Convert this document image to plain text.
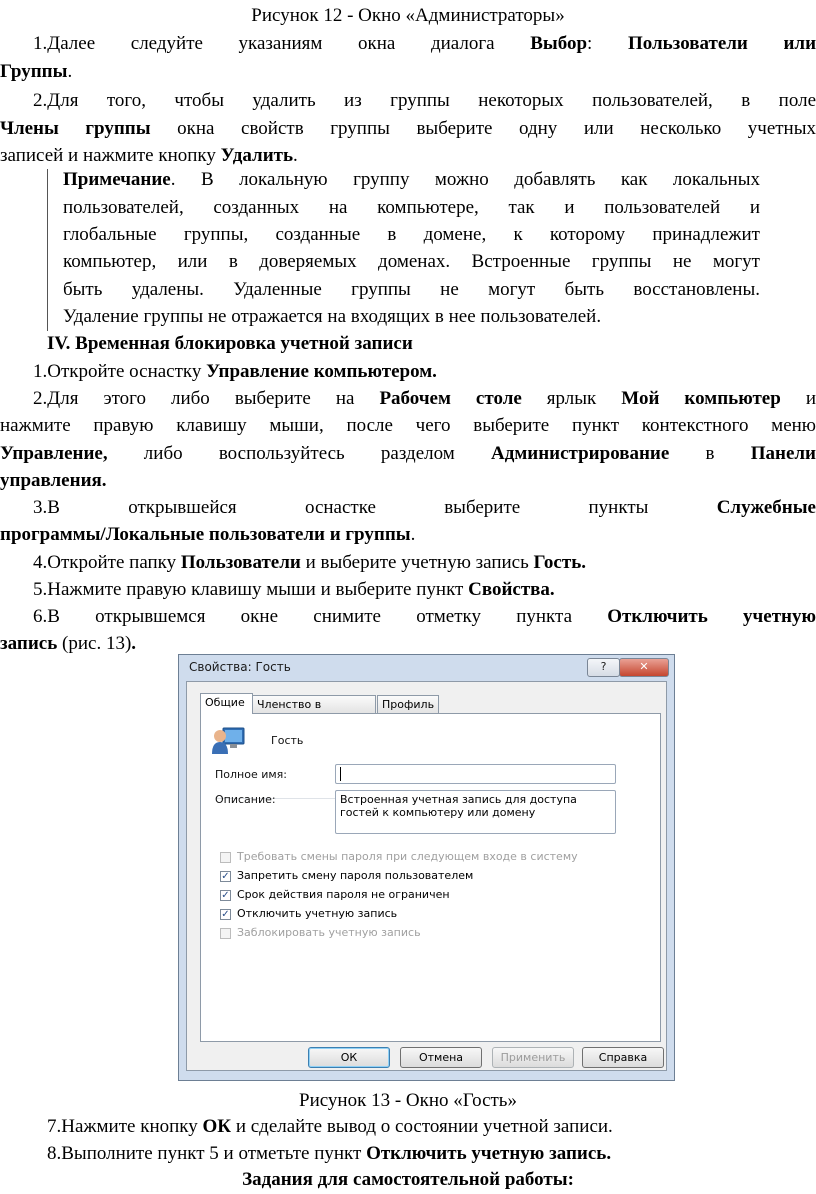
Рисунок 12 - Окно «Администраторы»
1.Далее следуйте указаниям окна диалога Выбор: Пользователи или
Группы.
2.Для того, чтобы удалить из группы некоторых пользователей, в поле
Члены группы окна свойств группы выберите одну или несколько учетных
записей и нажмите кнопку Удалить.
Примечание. В локальную группу можно добавлять как локальных
пользователей, созданных на компьютере, так и пользователей и
глобальные группы, созданные в домене, к которому принадлежит
компьютер, или в доверяемых доменах. Встроенные группы не могут
быть удалены. Удаленные группы не могут быть восстановлены.
Удаление группы не отражается на входящих в нее пользователей.
IV. Временная блокировка учетной записи
1.Откройте оснастку Управление компьютером.
2.Для этого либо выберите на Рабочем столе ярлык Мой компьютер и
нажмите правую клавишу мыши, после чего выберите пункт контекстного меню
Управление, либо воспользуйтесь разделом Администрирование в Панели
управления.
3.В	открывшейся	оснастке	выберите	пункты	Служебные
программы/Локальные пользователи и группы.
4.Откройте папку Пользователи и выберите учетную запись Гость.
5.Нажмите правую клавишу мыши и выберите пункт Свойства.
6.В открывшемся окне снимите отметку пункта Отключить учетную
запись (рис. 13).
Свойства: Гость	?	✕
Общие	Членство в	Профиль
Гость
Полное имя:
Описание:	Встроенная учетная запись для доступа гостей к компьютеру или домену
Требовать смены пароля при следующем входе в систему
✓ Запретить смену пароля пользователем
✓ Срок действия пароля не ограничен
✓ Отключить учетную запись
Заблокировать учетную запись
ОК	Отмена	Применить	Справка
Рисунок 13 - Окно «Гость»
7.Нажмите кнопку ОК и сделайте вывод о состоянии учетной записи.
8.Выполните пункт 5 и отметьте пункт Отключить учетную запись.
Задания для самостоятельной работы:
